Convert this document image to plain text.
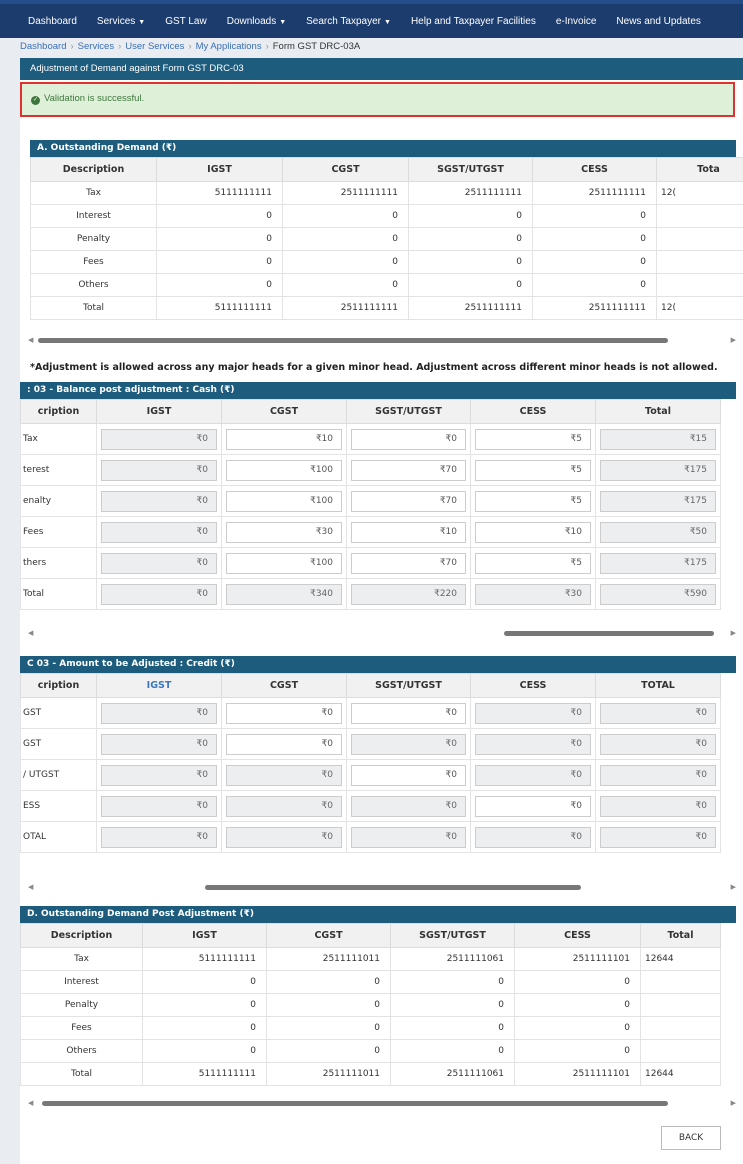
Dashboard	Services ▼	GST Law	Downloads ▼	Search Taxpayer ▼	Help and Taxpayer Facilities	e-Invoice	News and Updates
Dashboard › Services › User Services › My Applications › Form GST DRC-03A
Adjustment of Demand against Form GST DRC-03
✓ Validation is successful.
A. Outstanding Demand (₹)
Description	IGST	CGST	SGST/UTGST	CESS	Tota
Tax	5111111111	2511111111	2511111111	2511111111	12(
Interest	0	0	0	0	
Penalty	0	0	0	0	
Fees	0	0	0	0	
Others	0	0	0	0	
Total	5111111111	2511111111	2511111111	2511111111	12(
◀	▶
*Adjustment is allowed across any major heads for a given minor head. Adjustment across different minor heads is not allowed.
: 03 - Balance post adjustment : Cash (₹)
cription	IGST	CGST	SGST/UTGST	CESS	Total
Tax	₹0	₹10	₹0	₹5	₹15

terest	₹0	₹100	₹70	₹5	₹175

enalty	₹0	₹100	₹70	₹5	₹175

Fees	₹0	₹30	₹10	₹10	₹50

thers	₹0	₹100	₹70	₹5	₹175

Total	₹0	₹340	₹220	₹30	₹590
◀	▶
C 03 - Amount to be Adjusted : Credit (₹)
cription	IGST	CGST	SGST/UTGST	CESS	TOTAL
GST	₹0	₹0	₹0	₹0	₹0

GST	₹0	₹0	₹0	₹0	₹0

/ UTGST	₹0	₹0	₹0	₹0	₹0

ESS	₹0	₹0	₹0	₹0	₹0

OTAL	₹0	₹0	₹0	₹0	₹0
◀	▶
D. Outstanding Demand Post Adjustment (₹)
Description	IGST	CGST	SGST/UTGST	CESS	Total
Tax	5111111111	2511111011	2511111061	2511111101	12644
Interest	0	0	0	0	
Penalty	0	0	0	0	
Fees	0	0	0	0	
Others	0	0	0	0	
Total	5111111111	2511111011	2511111061	2511111101	12644
◀	▶
BACK
